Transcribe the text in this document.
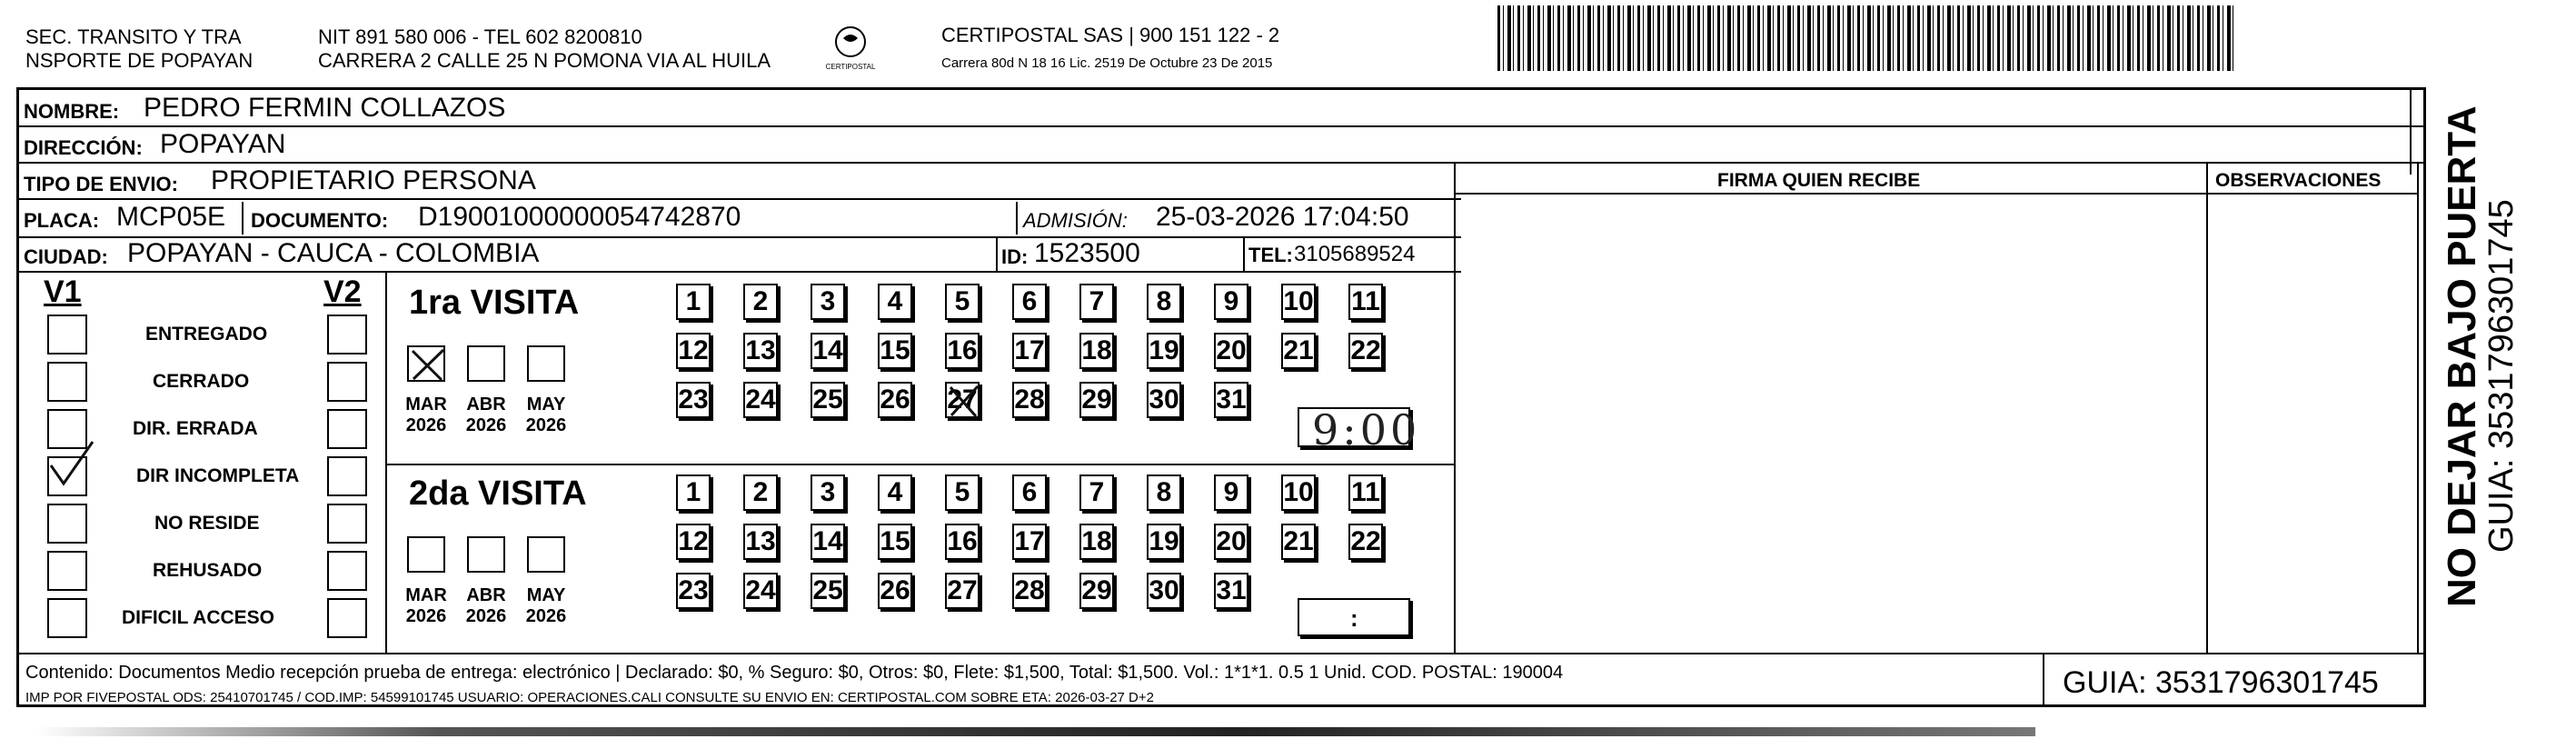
SEC. TRANSITO Y TRA
NSPORTE DE POPAYAN
NIT 891 580 006 - TEL 602 8200810
CARRERA 2 CALLE 25 N POMONA VIA AL HUILA	CERTIPOSTAL
CERTIPOSTAL SAS | 900 151 122 - 2
Carrera 80d N 18 16 Lic. 2519 De Octubre 23 De 2015
NOMBRE: PEDRO FERMIN COLLAZOS
DIRECCIÓN: POPAYAN
TIPO DE ENVIO: PROPIETARIO PERSONA	FIRMA QUIEN RECIBE	OBSERVACIONES
PLACA: MCP05E DOCUMENTO: D19001000000054742870	ADMISIÓN: 25-03-2026 17:04:50
CIUDAD: POPAYAN - CAUCA - COLOMBIA	ID: 1523500	TEL: 3105689524
V1	V2
ENTREGADO
CERRADO
DIR. ERRADA
DIR INCOMPLETA
NO RESIDE
REHUSADO
DIFICIL ACCESO
1ra VISITA
2da VISITA
MAR
2026
ABR
2026
MAY
2026
MAR
2026
ABR
2026
MAY
2026
1	2	3	4	5	6	7	8	9	10 11
12 13 14 15 16 17 18 19 20 21 22
23 24 25 26 27 28 29 30 31
1	2	3	4	5	6	7	8	9	10 11
12 13 14 15 16 17 18 19 20 21 22
23 24 25 26 27 28 29 30 31
9:00
:
Contenido: Documentos Medio recepción prueba de entrega: electrónico | Declarado: $0, % Seguro: $0, Otros: $0, Flete: $1,500, Total: $1,500. Vol.: 1*1*1. 0.5 1 Unid. COD. POSTAL: 190004
IMP POR FIVEPOSTAL ODS: 25410701745 / COD.IMP: 54599101745 USUARIO: OPERACIONES.CALI CONSULTE SU ENVIO EN: CERTIPOSTAL.COM SOBRE ETA: 2026-03-27 D+2	GUIA: 3531796301745
NO DEJAR BAJO PUERTA
GUIA: 3531796301745
